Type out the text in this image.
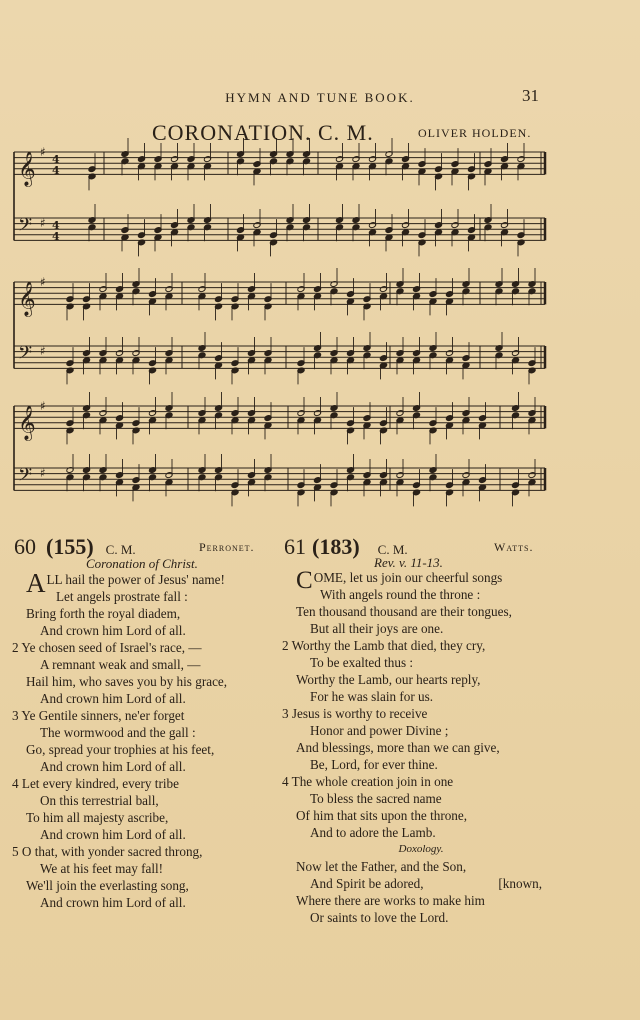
HYMN AND TUNE BOOK.	31
CORONATION. C. M.	OLIVER HOLDEN.
𝄞 ♯
4
4
𝄢 ♯ 4
4
𝄞 ♯
𝄢 ♯
𝄞 ♯
𝄢 ♯
60 (155) C. M.	Perronet.
Coronation of Christ.
ALL hail the power of Jesus' name!
Let angels prostrate fall :
Bring forth the royal diadem,
And crown him Lord of all.
2 Ye chosen seed of Israel's race, —
A remnant weak and small, —
Hail him, who saves you by his grace,
And crown him Lord of all.
3 Ye Gentile sinners, ne'er forget
The wormwood and the gall :
Go, spread your trophies at his feet,
And crown him Lord of all.
4 Let every kindred, every tribe
On this terrestrial ball,
To him all majesty ascribe,
And crown him Lord of all.
5 O that, with yonder sacred throng,
We at his feet may fall!
We'll join the everlasting song,
And crown him Lord of all.
61 (183) C. M.	Watts.
Rev. v. 11-13.
COME, let us join our cheerful songs
With angels round the throne :
Ten thousand thousand are their tongues,
But all their joys are one.
2 Worthy the Lamb that died, they cry,
To be exalted thus :
Worthy the Lamb, our hearts reply,
For he was slain for us.
3 Jesus is worthy to receive
Honor and power Divine ;
And blessings, more than we can give,
Be, Lord, for ever thine.
4 The whole creation join in one
To bless the sacred name
Of him that sits upon the throne,
And to adore the Lamb.
Doxology.
Now let the Father, and the Son,
And Spirit be adored,	[known,
Where there are works to make him
Or saints to love the Lord.
